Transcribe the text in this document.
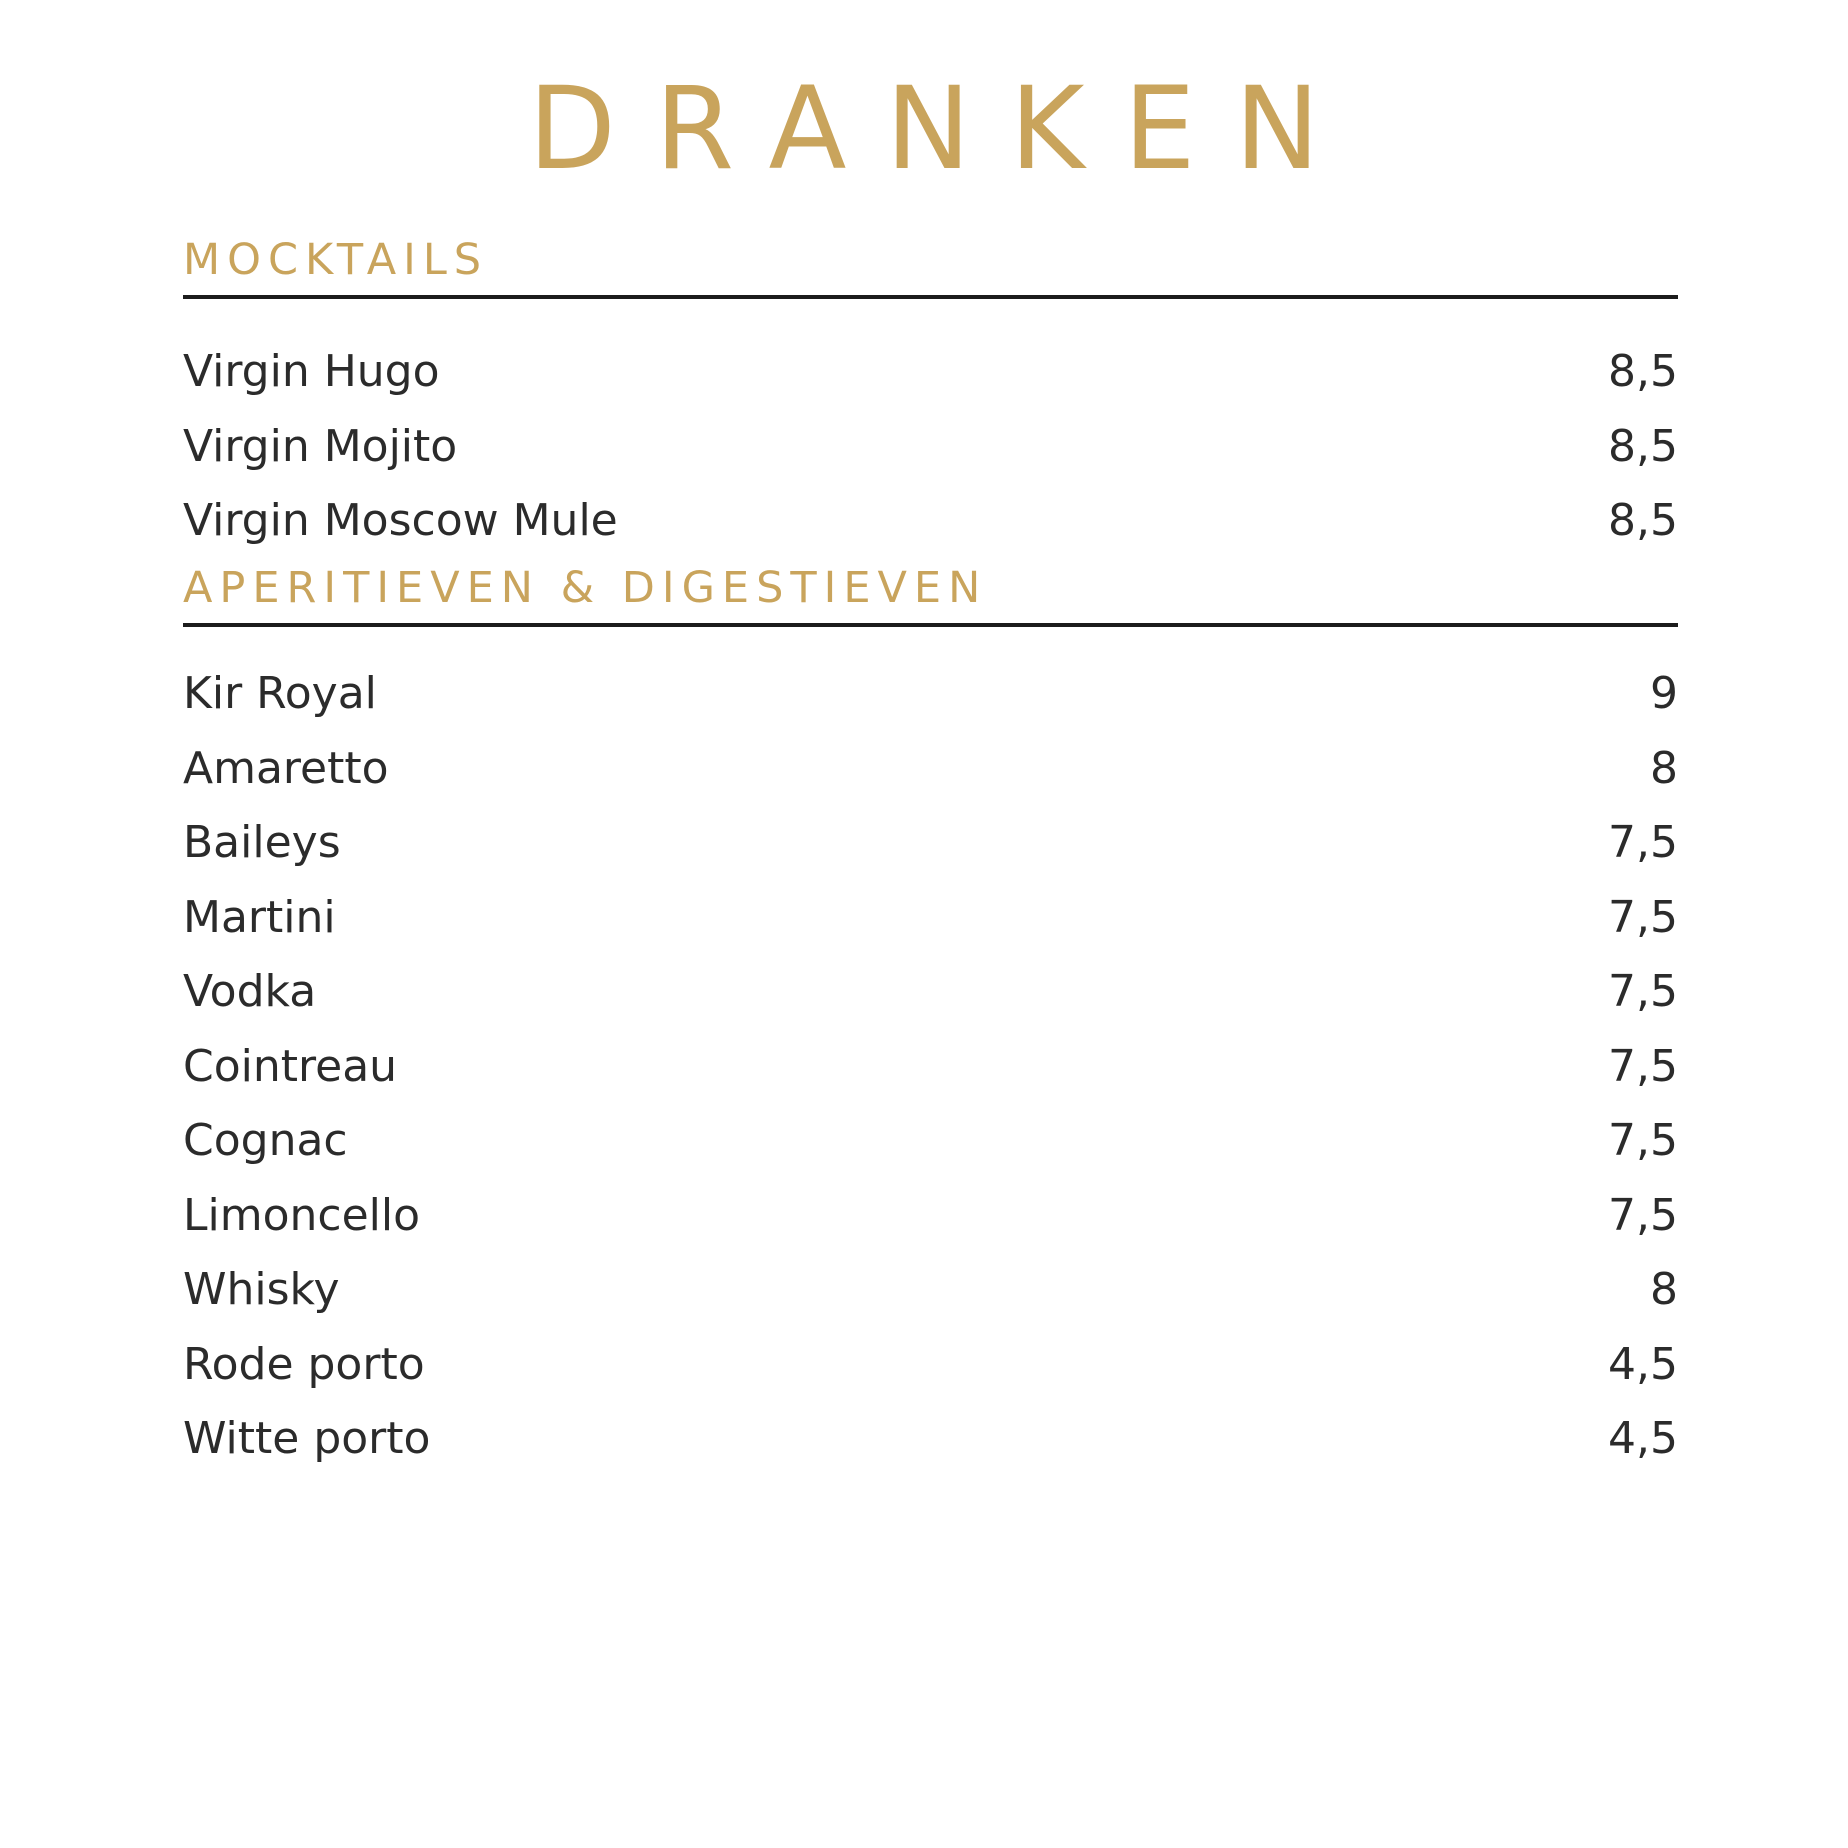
DRANKEN
MOCKTAILS
Virgin Hugo	8,5
Virgin Mojito	8,5
Virgin Moscow Mule	8,5
APERITIEVEN & DIGESTIEVEN
Kir Royal	9
Amaretto	8
Baileys	7,5
Martini	7,5
Vodka	7,5
Cointreau	7,5
Cognac	7,5
Limoncello	7,5
Whisky	8
Rode porto	4,5
Witte porto	4,5
